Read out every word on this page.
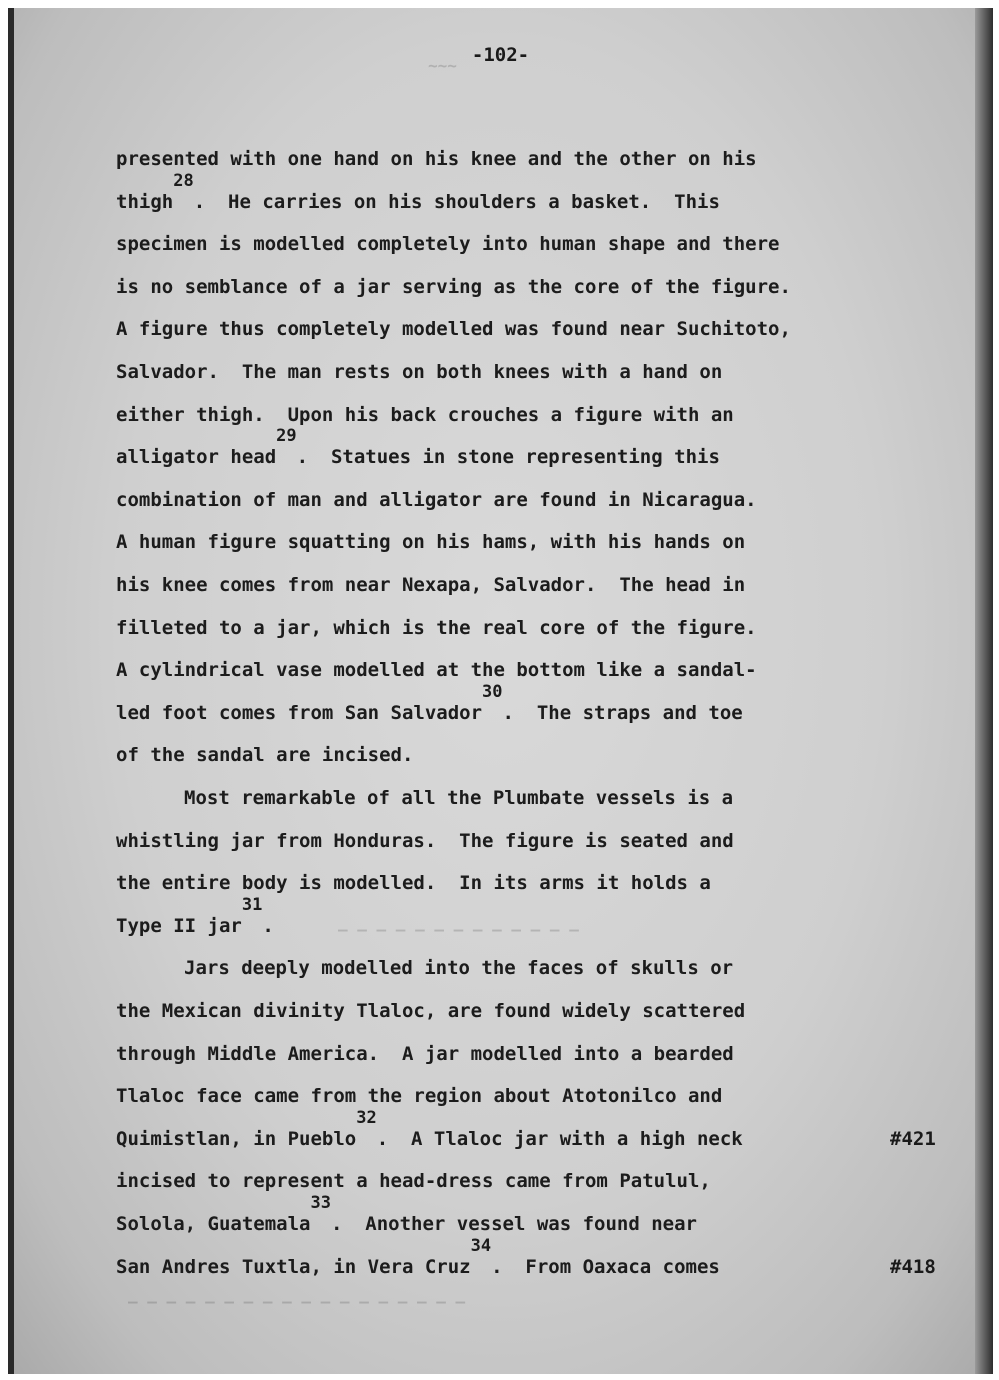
~~~
— — — — — — — — — — — — —
— — — — — — — — — — — — — — — — — —
-102-
presented with one hand on his knee and the other on his
thigh28.  He carries on his shoulders a basket.  This
specimen is modelled completely into human shape and there
is no semblance of a jar serving as the core of the figure.
A figure thus completely modelled was found near Suchitoto,
Salvador.  The man rests on both knees with a hand on
either thigh.  Upon his back crouches a figure with an
alligator head29.  Statues in stone representing this
combination of man and alligator are found in Nicaragua.
A human figure squatting on his hams, with his hands on
his knee comes from near Nexapa, Salvador.  The head in
filleted to a jar, which is the real core of the figure.
A cylindrical vase modelled at the bottom like a sandal-
led foot comes from San Salvador30.  The straps and toe
of the sandal are incised.
Most remarkable of all the Plumbate vessels is a
whistling jar from Honduras.  The figure is seated and
the entire body is modelled.  In its arms it holds a
Type II jar31.
Jars deeply modelled into the faces of skulls or
the Mexican divinity Tlaloc, are found widely scattered
through Middle America.  A jar modelled into a bearded
Tlaloc face came from the region about Atotonilco and
Quimistlan, in Pueblo32.  A Tlaloc jar with a high neck	#421
incised to represent a head-dress came from Patulul,
Solola, Guatemala33.  Another vessel was found near
San Andres Tuxtla, in Vera Cruz34.  From Oaxaca comes	#418
